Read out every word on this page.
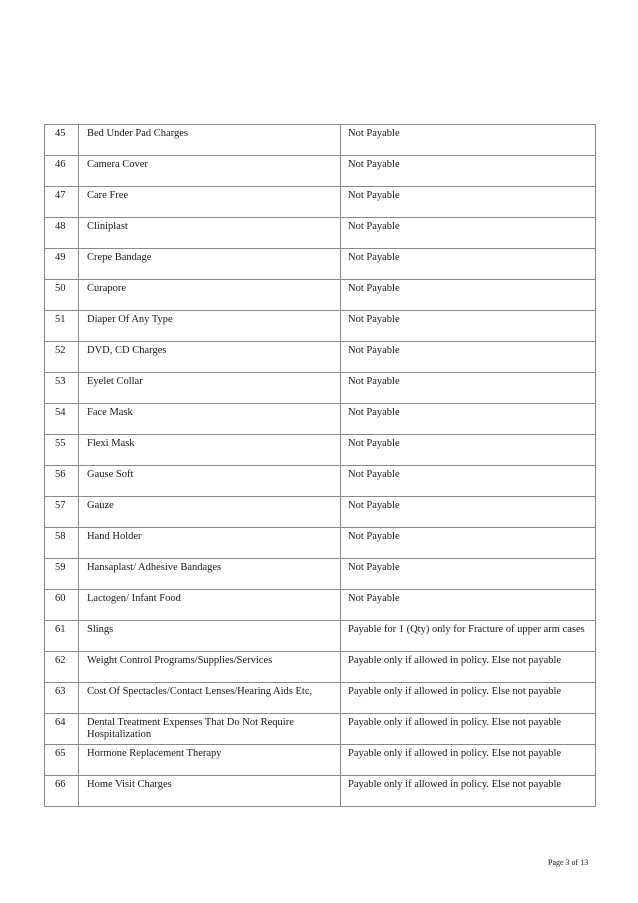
45	Bed Under Pad Charges	Not Payable
46	Camera Cover	Not Payable
47	Care Free	Not Payable
48	Cliniplast	Not Payable
49	Crepe Bandage	Not Payable
50	Curapore	Not Payable
51	Diaper Of Any Type	Not Payable
52	DVD, CD Charges	Not Payable
53	Eyelet Collar	Not Payable
54	Face Mask	Not Payable
55	Flexi Mask	Not Payable
56	Gause Soft	Not Payable
57	Gauze	Not Payable
58	Hand Holder	Not Payable
59	Hansaplast/ Adhesive Bandages	Not Payable
60	Lactogen/ Infant Food	Not Payable
61	Slings	Payable for 1 (Qty) only for Fracture of upper arm cases
62	Weight Control Programs/Supplies/Services	Payable only if allowed in policy. Else not payable
63	Cost Of Spectacles/Contact Lenses/Hearing Aids Etc,	Payable only if allowed in policy. Else not payable
64	Dental Treatment Expenses That Do Not Require Hospitalization	Payable only if allowed in policy. Else not payable
65	Hormone Replacement Therapy	Payable only if allowed in policy. Else not payable
66	Home Visit Charges	Payable only if allowed in policy. Else not payable
Page 3 of 13
